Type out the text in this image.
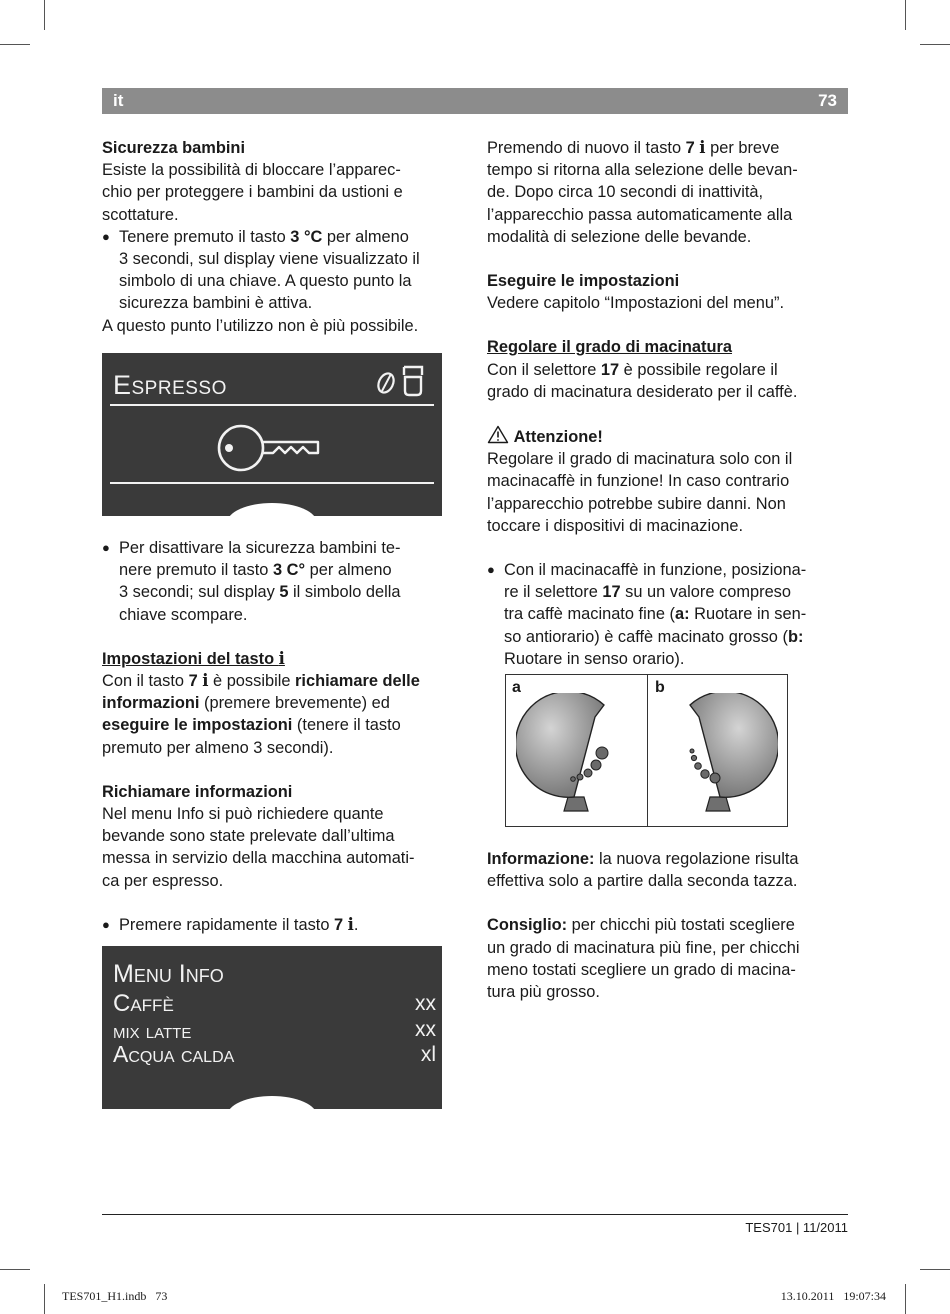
it	73

Sicurezza bambini

Esiste la possibilità di bloccare l’apparec-
chio per proteggere i bambini da ustioni e
scottature.

● Tenere premuto il tasto 3 °C per almeno
3 secondi, sul display viene visualizzato il
simbolo di una chiave. A questo punto la
sicurezza bambini è attiva.

A questo punto l’utilizzo non è più possibile.

Espresso

● Per disattivare la sicurezza bambini te-
nere premuto il tasto 3 C° per almeno
3 secondi; sul display 5 il simbolo della
chiave scompare.

Impostazioni del tasto i

Con il tasto 7 i è possibile richiamare delle
informazioni (premere brevemente) ed
eseguire le impostazioni (tenere il tasto
premuto per almeno 3 secondi).

Richiamare informazioni

Nel menu Info si può richiedere quante
bevande sono state prelevate dall’ultima
messa in servizio della macchina automati-
ca per espresso.

● Premere rapidamente il tasto 7 i.

Menu Info
Caffè	xx
mix latte	xx
Acqua calda	xl

Premendo di nuovo il tasto 7 i per breve
tempo si ritorna alla selezione delle bevan-
de. Dopo circa 10 secondi di inattività,
l’apparecchio passa automaticamente alla
modalità di selezione delle bevande.

Eseguire le impostazioni

Vedere capitolo “Impostazioni del menu”.

Regolare il grado di macinatura

Con il selettore 17 è possibile regolare il
grado di macinatura desiderato per il caffè.

Attenzione!

Regolare il grado di macinatura solo con il
macinacaffè in funzione! In caso contrario
l’apparecchio potrebbe subire danni. Non
toccare i dispositivi di macinazione.

● Con il macinacaffè in funzione, posiziona-
re il selettore 17 su un valore compreso
tra caffè macinato fine (a: Ruotare in sen-
so antiorario) è caffè macinato grosso (b:
Ruotare in senso orario).

a	b

Informazione: la nuova regolazione risulta
effettiva solo a partire dalla seconda tazza.

Consiglio: per chicchi più tostati scegliere
un grado di macinatura più fine, per chicchi
meno tostati scegliere un grado di macina-
tura più grosso.

TES701 | 11/2011
TES701_H1.indb   73	13.10.2011   19:07:34
